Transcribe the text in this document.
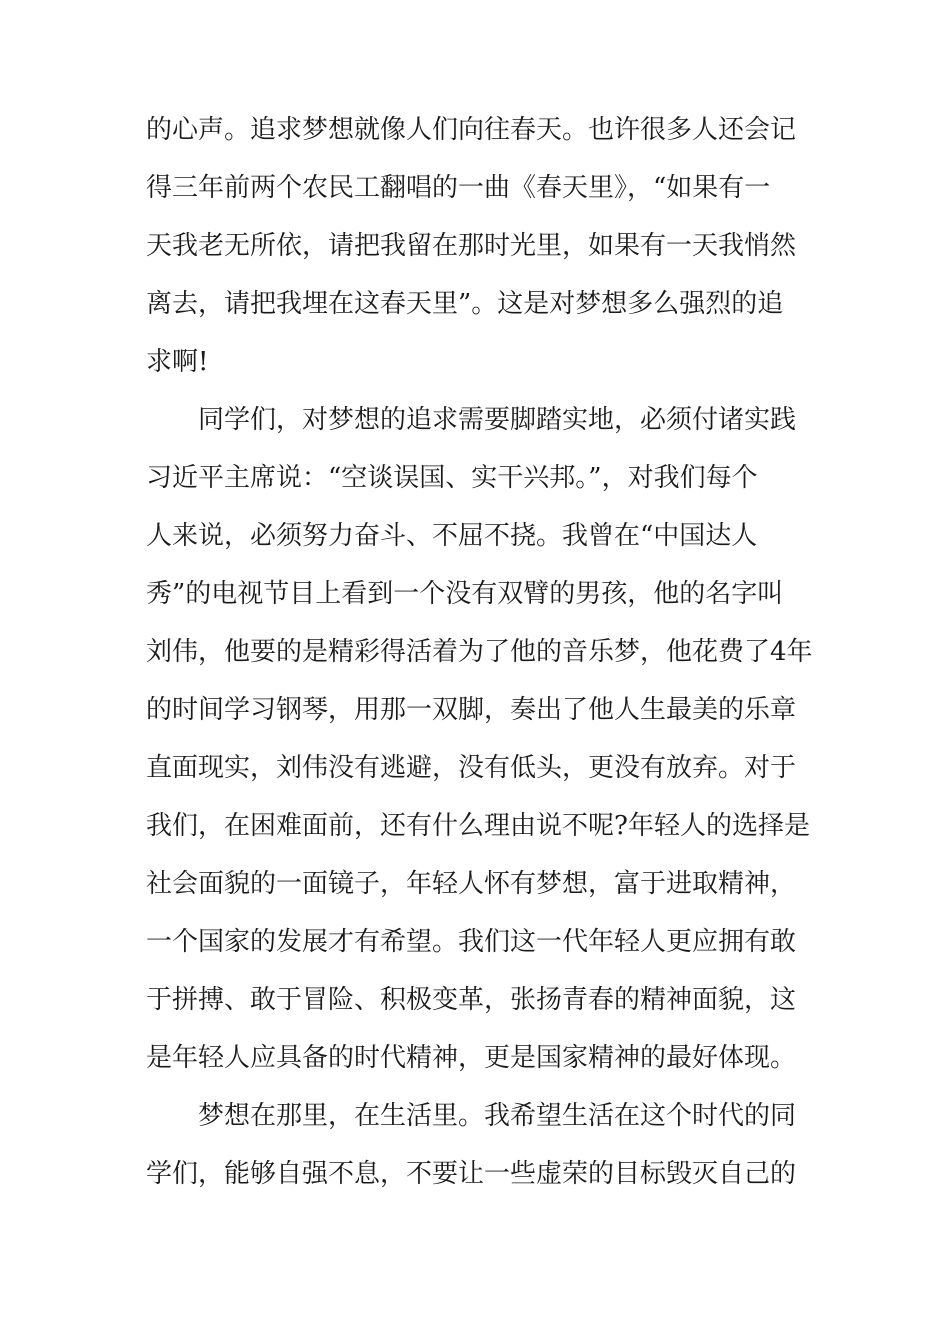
的心声。追求梦想就像人们向往春天。也许很多人还会记
得三年前两个农民工翻唱的一曲《春天里》，“如果有一
天我老无所依，请把我留在那时光里，如果有一天我悄然
离去，请把我埋在这春天里”。这是对梦想多么强烈的追
求啊!
同学们，对梦想的追求需要脚踏实地，必须付诸实践
习近平主席说：“空谈误国、实干兴邦。”，对我们每个
人来说，必须努力奋斗、不屈不挠。我曾在“中国达人
秀”的电视节目上看到一个没有双臂的男孩，他的名字叫
刘伟，他要的是精彩得活着为了他的音乐梦，他花费了4年
的时间学习钢琴，用那一双脚，奏出了他人生最美的乐章
直面现实，刘伟没有逃避，没有低头，更没有放弃。对于
我们，在困难面前，还有什么理由说不呢?年轻人的选择是
社会面貌的一面镜子，年轻人怀有梦想，富于进取精神，
一个国家的发展才有希望。我们这一代年轻人更应拥有敢
于拼搏、敢于冒险、积极变革，张扬青春的精神面貌，这
是年轻人应具备的时代精神，更是国家精神的最好体现。
梦想在那里，在生活里。我希望生活在这个时代的同
学们，能够自强不息，不要让一些虚荣的目标毁灭自己的
